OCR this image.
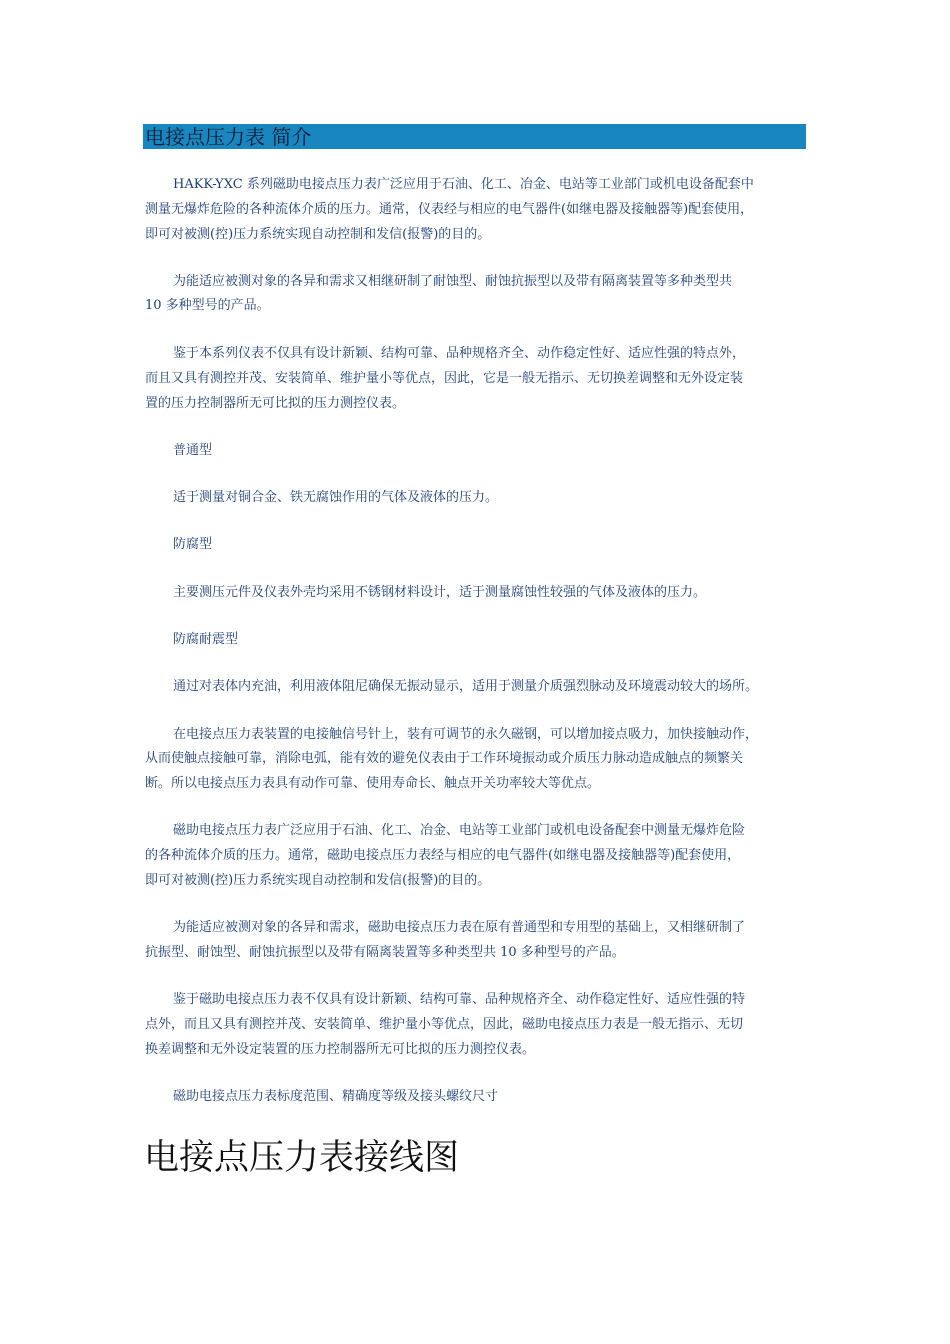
电接点压力表 简介
HAKK-YXC 系列磁助电接点压力表广泛应用于石油、化工、冶金、电站等工业部门或机电设备配套中
测量无爆炸危险的各种流体介质的压力。通常，仪表经与相应的电气器件(如继电器及接触器等)配套使用，
即可对被测(控)压力系统实现自动控制和发信(报警)的目的。
为能适应被测对象的各异和需求又相继研制了耐蚀型、耐蚀抗振型以及带有隔离装置等多种类型共
10 多种型号的产品。
鉴于本系列仪表不仅具有设计新颖、结构可靠、品种规格齐全、动作稳定性好、适应性强的特点外，
而且又具有测控并茂、安装简单、维护量小等优点，因此，它是一般无指示、无切换差调整和无外设定装
置的压力控制器所无可比拟的压力测控仪表。
普通型
适于测量对铜合金、铁无腐蚀作用的气体及液体的压力。
防腐型
主要测压元件及仪表外壳均采用不锈钢材料设计，适于测量腐蚀性较强的气体及液体的压力。
防腐耐震型
通过对表体内充油，利用液体阻尼确保无振动显示，适用于测量介质强烈脉动及环境震动较大的场所。
在电接点压力表装置的电接触信号针上，装有可调节的永久磁钢，可以增加接点吸力，加快接触动作，
从而使触点接触可靠，消除电弧，能有效的避免仪表由于工作环境振动或介质压力脉动造成触点的频繁关
断。所以电接点压力表具有动作可靠、使用寿命长、触点开关功率较大等优点。
磁助电接点压力表广泛应用于石油、化工、冶金、电站等工业部门或机电设备配套中测量无爆炸危险
的各种流体介质的压力。通常，磁助电接点压力表经与相应的电气器件(如继电器及接触器等)配套使用，
即可对被测(控)压力系统实现自动控制和发信(报警)的目的。
为能适应被测对象的各异和需求，磁助电接点压力表在原有普通型和专用型的基础上，又相继研制了
抗振型、耐蚀型、耐蚀抗振型以及带有隔离装置等多种类型共 10 多种型号的产品。
鉴于磁助电接点压力表不仅具有设计新颖、结构可靠、品种规格齐全、动作稳定性好、适应性强的特
点外，而且又具有测控并茂、安装简单、维护量小等优点，因此，磁助电接点压力表是一般无指示、无切
换差调整和无外设定装置的压力控制器所无可比拟的压力测控仪表。
磁助电接点压力表标度范围、精确度等级及接头螺纹尺寸
电接点压力表接线图
